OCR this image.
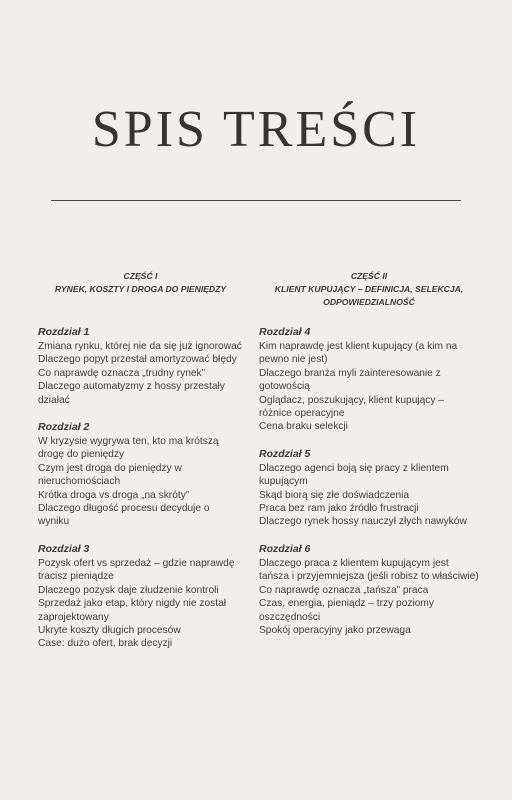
SPIS TREŚCI
CZĘŚĆ I
RYNEK, KOSZTY I DROGA DO PIENIĘDZY
Rozdział 1
Zmiana rynku, której nie da się już ignorować
Dlaczego popyt przestał amortyzować błędy
Co naprawdę oznacza „trudny rynek”
Dlaczego automatyzmy z hossy przestały działać
Rozdział 2
W kryzysie wygrywa ten, kto ma krótszą drogę do pieniędzy
Czym jest droga do pieniędzy w nieruchomościach
Krótka droga vs droga „na skróty”
Dlaczego długość procesu decyduje o wyniku
Rozdział 3
Pozysk ofert vs sprzedaż – gdzie naprawdę tracisz pieniądze
Dlaczego pozysk daje złudzenie kontroli
Sprzedaż jako etap, który nigdy nie został zaprojektowany
Ukryte koszty długich procesów
Case: dużo ofert, brak decyzji
CZĘŚĆ II
KLIENT KUPUJĄCY – DEFINICJA, SELEKCJA, ODPOWIEDZIALNOŚĆ
Rozdział 4
Kim naprawdę jest klient kupujący (a kim na pewno nie jest)
Dlaczego branża myli zainteresowanie z gotowością
Oglądacz, poszukujący, klient kupujący – różnice operacyjne
Cena braku selekcji
Rozdział 5
Dlaczego agenci boją się pracy z klientem kupującym
Skąd biorą się złe doświadczenia
Praca bez ram jako źródło frustracji
Dlaczego rynek hossy nauczył złych nawyków
Rozdział 6
Dlaczego praca z klientem kupującym jest tańsza i przyjemniejsza (jeśli robisz to właściwie)
Co naprawdę oznacza „tańsza” praca
Czas, energia, pieniądz – trzy poziomy oszczędności
Spokój operacyjny jako przewaga
